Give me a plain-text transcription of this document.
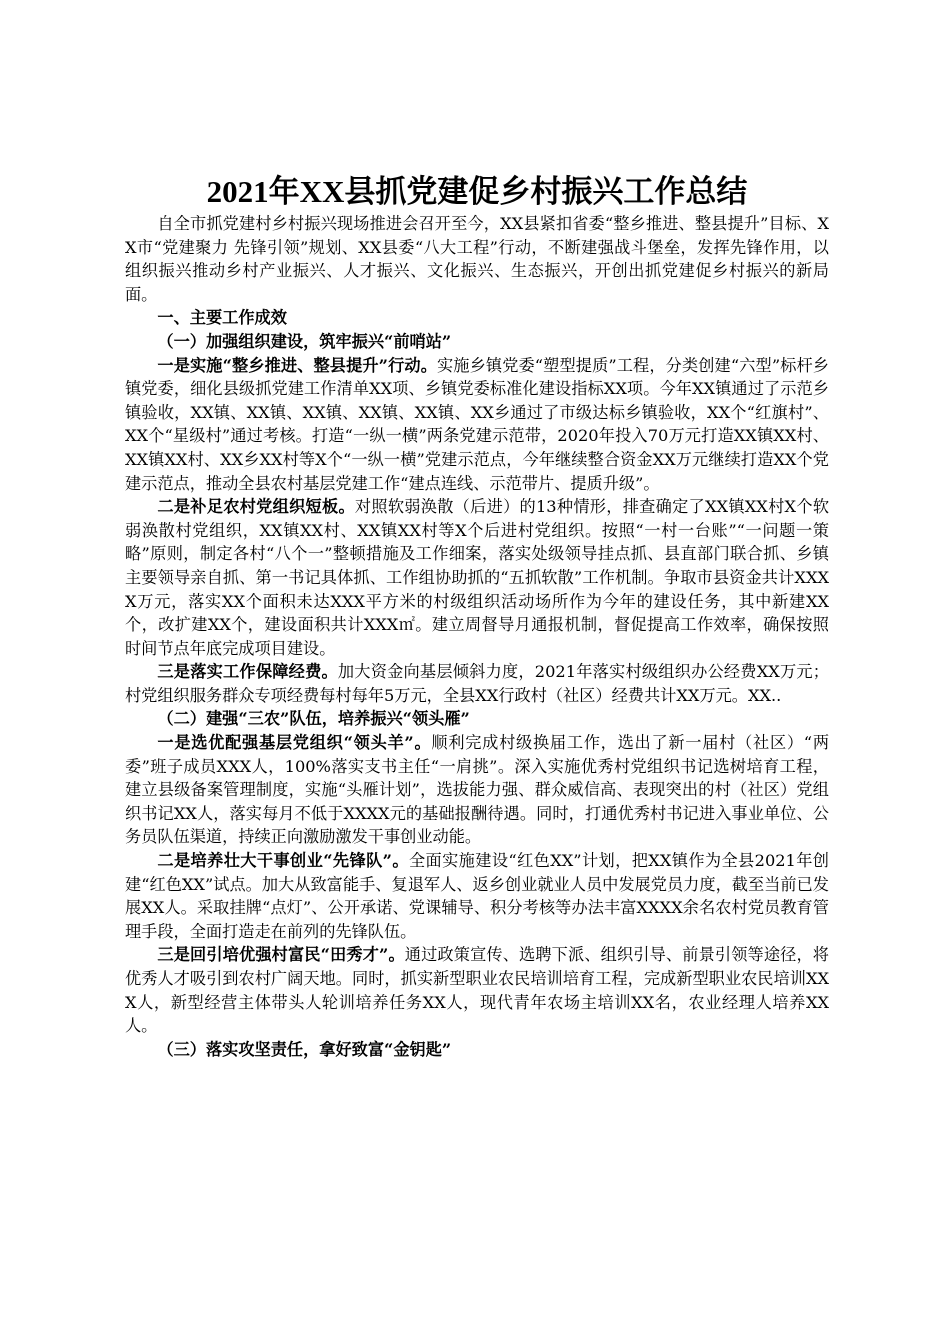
2021年XX县抓党建促乡村振兴工作总结

自全市抓党建村乡村振兴现场推进会召开至今，XX县紧扣省委“整乡推进、整县提升”目标、XX市“党建聚力 先锋引领”规划、XX县委“八大工程”行动，不断建强战斗堡垒，发挥先锋作用，以组织振兴推动乡村产业振兴、人才振兴、文化振兴、生态振兴，开创出抓党建促乡村振兴的新局面。

一、主要工作成效

（一）加强组织建设，筑牢振兴“前哨站”

一是实施“整乡推进、整县提升”行动。实施乡镇党委“塑型提质”工程，分类创建“六型”标杆乡镇党委，细化县级抓党建工作清单XX项、乡镇党委标准化建设指标XX项。今年XX镇通过了示范乡镇验收，XX镇、XX镇、XX镇、XX镇、XX镇、XX乡通过了市级达标乡镇验收，XX个“红旗村”、XX个“星级村”通过考核。打造“一纵一横”两条党建示范带，2020年投入70万元打造XX镇XX村、XX镇XX村、XX乡XX村等X个“一纵一横”党建示范点，今年继续整合资金XX万元继续打造XX个党建示范点，推动全县农村基层党建工作“建点连线、示范带片、提质升级”。

二是补足农村党组织短板。对照软弱涣散（后进）的13种情形，排查确定了XX镇XX村X个软弱涣散村党组织，XX镇XX村、XX镇XX村等X个后进村党组织。按照“一村一台账”“一问题一策略”原则，制定各村“八个一”整顿措施及工作细案，落实处级领导挂点抓、县直部门联合抓、乡镇主要领导亲自抓、第一书记具体抓、工作组协助抓的“五抓软散”工作机制。争取市县资金共计XXXX万元，落实XX个面积未达XXX平方米的村级组织活动场所作为今年的建设任务，其中新建XX个，改扩建XX个，建设面积共计XXX㎡。建立周督导月通报机制，督促提高工作效率，确保按照时间节点年底完成项目建设。

三是落实工作保障经费。加大资金向基层倾斜力度，2021年落实村级组织办公经费XX万元；村党组织服务群众专项经费每村每年5万元，全县XX行政村（社区）经费共计XX万元。XX..

（二）建强“三农”队伍，培养振兴“领头雁”

一是选优配强基层党组织“领头羊”。顺利完成村级换届工作，选出了新一届村（社区）“两委”班子成员XXX人，100%落实支书主任“一肩挑”。深入实施优秀村党组织书记选树培育工程，建立县级备案管理制度，实施“头雁计划”，选拔能力强、群众威信高、表现突出的村（社区）党组织书记XX人，落实每月不低于XXXX元的基础报酬待遇。同时，打通优秀村书记进入事业单位、公务员队伍渠道，持续正向激励激发干事创业动能。

二是培养壮大干事创业“先锋队”。全面实施建设“红色XX”计划，把XX镇作为全县2021年创建“红色XX”试点。加大从致富能手、复退军人、返乡创业就业人员中发展党员力度，截至当前已发展XX人。采取挂牌“点灯”、公开承诺、党课辅导、积分考核等办法丰富XXXX余名农村党员教育管理手段，全面打造走在前列的先锋队伍。

三是回引培优强村富民“田秀才”。通过政策宣传、选聘下派、组织引导、前景引领等途径，将优秀人才吸引到农村广阔天地。同时，抓实新型职业农民培训培育工程，完成新型职业农民培训XXX人，新型经营主体带头人轮训培养任务XX人，现代青年农场主培训XX名，农业经理人培养XX人。

（三）落实攻坚责任，拿好致富“金钥匙”
